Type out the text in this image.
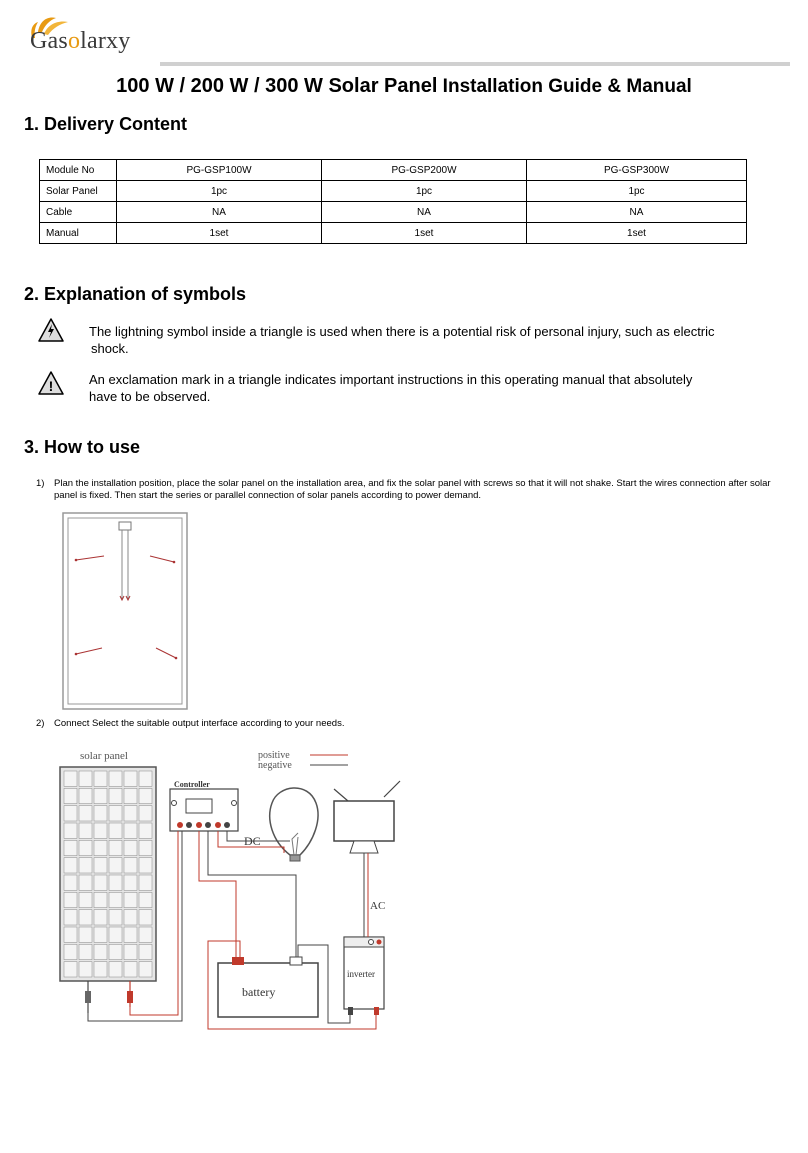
Gasolarxy
100 W / 200 W / 300 W Solar Panel Installation Guide & Manual
1. Delivery Content
Module No	PG-GSP100W	PG-GSP200W	PG-GSP300W
Solar Panel	1pc	1pc	1pc
Cable	NA	NA	NA
Manual	1set	1set	1set
2. Explanation of symbols
The lightning symbol inside a triangle is used when there is a potential risk of personal injury, such as electric
shock.
!	An exclamation mark in a triangle indicates important instructions in this operating manual that absolutely
have to be observed.
3. How to use
1) Plan the installation position, place the solar panel on the installation area, and fix the solar panel with screws so that it will not shake. Start the wires connection after solar panel is fixed. Then start the series or parallel connection of solar panels according to power demand.
2) Connect Select the suitable output interface according to your needs.
solar panel	positive
negative
Controller
DC
AC
inverter
battery
